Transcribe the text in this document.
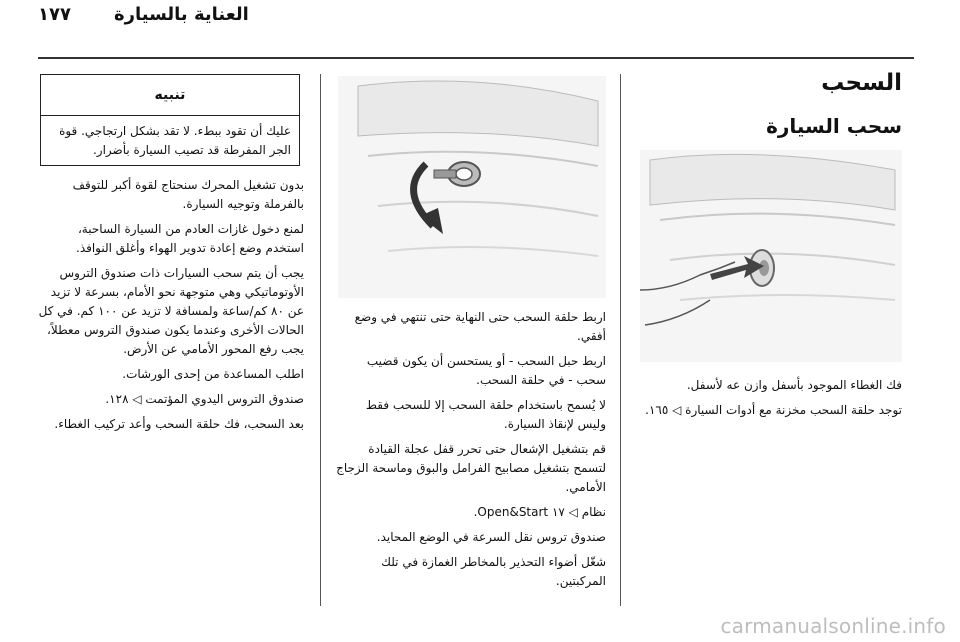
١٧٧ العناية بالسيارة
السحب
سحب السيارة

فك الغطاء الموجود بأسفل وازن عه لأسفل.

توجد حلقة السحب مخزنة مع أدوات السيارة ◁ ١٦٥.

اربط حلقة السحب حتى النهاية حتى تنتهي في وضع أفقي.

اربط حبل السحب - أو يستحسن أن يكون قضيب سحب - في حلقة السحب.

لا يُسمح باستخدام حلقة السحب إلا للسحب فقط وليس لإنقاذ السيارة.

قم بتشغيل الإشعال حتى تحرر قفل عجلة القيادة لتسمح بتشغيل مصابيح الفرامل والبوق وماسحة الزجاج الأمامي.

نظام ◁ ١٧ Open&Start.

صندوق تروس نقل السرعة في الوضع المحايد.

شغّل أضواء التحذير بالمخاطر الغمازة في تلك المركبتين.

تنبيه
عليك أن تقود ببطء. لا تقد بشكل ارتجاجي. قوة الجر المفرطة قد تصيب السيارة بأضرار.

بدون تشغيل المحرك سنحتاج لقوة أكبر للتوقف بالفرملة وتوجيه السيارة.

لمنع دخول غازات العادم من السيارة الساحبة، استخدم وضع إعادة تدوير الهواء وأغلق النوافذ.

يجب أن يتم سحب السيارات ذات صندوق التروس الأوتوماتيكي وهي متوجهة نحو الأمام، بسرعة لا تزيد عن ٨٠ كم/ساعة ولمسافة لا تزيد عن ١٠٠ كم. في كل الحالات الأخرى وعندما يكون صندوق التروس معطلاً، يجب رفع المحور الأمامي عن الأرض.

اطلب المساعدة من إحدى الورشات.

صندوق التروس اليدوي المؤتمت ◁ ١٢٨.

بعد السحب، فك حلقة السحب وأعد تركيب الغطاء.

carmanualsonline.info
